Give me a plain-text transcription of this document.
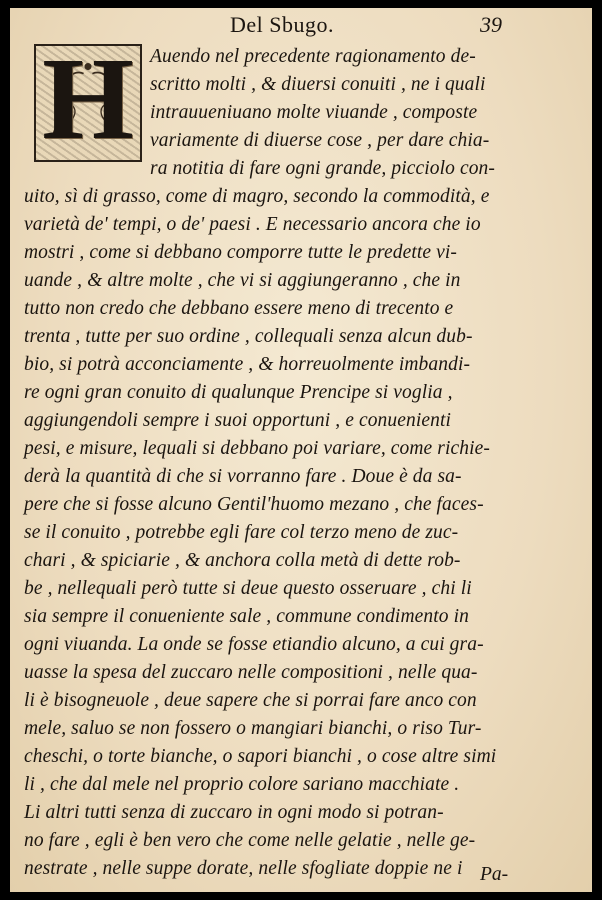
Del Sbugo.	39
H Auendo nel precedente ragionamento de-
scritto molti , & diuersi conuiti , ne i quali
intrauueniuano molte viuande , composte
variamente di diuerse cose , per dare chia-
ra notitia di fare ogni grande, picciolo con-
uito, sì di grasso, come di magro, secondo la commodità, e
varietà de' tempi, o de' paesi . E necessario ancora che io
mostri , come si debbano comporre tutte le predette vi-
uande , & altre molte , che vi si aggiungeranno , che in
tutto non credo che debbano essere meno di trecento e
trenta , tutte per suo ordine , collequali senza alcun dub-
bio, si potrà acconciamente , & horreuolmente imbandi-
re ogni gran conuito di qualunque Prencipe si voglia ,
aggiungendoli sempre i suoi opportuni , e conuenienti
pesi, e misure, lequali si debbano poi variare, come richie-
derà la quantità di che si vorranno fare . Doue è da sa-
pere che si fosse alcuno Gentil'huomo mezano , che faces-
se il conuito , potrebbe egli fare col terzo meno de zuc-
chari , & spiciarie , & anchora colla metà di dette rob-
be , nellequali però tutte si deue questo osseruare , chi li
sia sempre il conueniente sale , commune condimento in
ogni viuanda. La onde se fosse etiandio alcuno, a cui gra-
uasse la spesa del zuccaro nelle compositioni , nelle qua-
li è bisogneuole , deue sapere che si porrai fare anco con
mele, saluo se non fossero o mangiari bianchi, o riso Tur-
cheschi, o torte bianche, o sapori bianchi , o cose altre simi
li , che dal mele nel proprio colore sariano macchiate .
Li altri tutti senza di zuccaro in ogni modo si potran-
no fare , egli è ben vero che come nelle gelatie , nelle ge-
nestrate , nelle suppe dorate, nelle sfogliate doppie ne i Pa-
